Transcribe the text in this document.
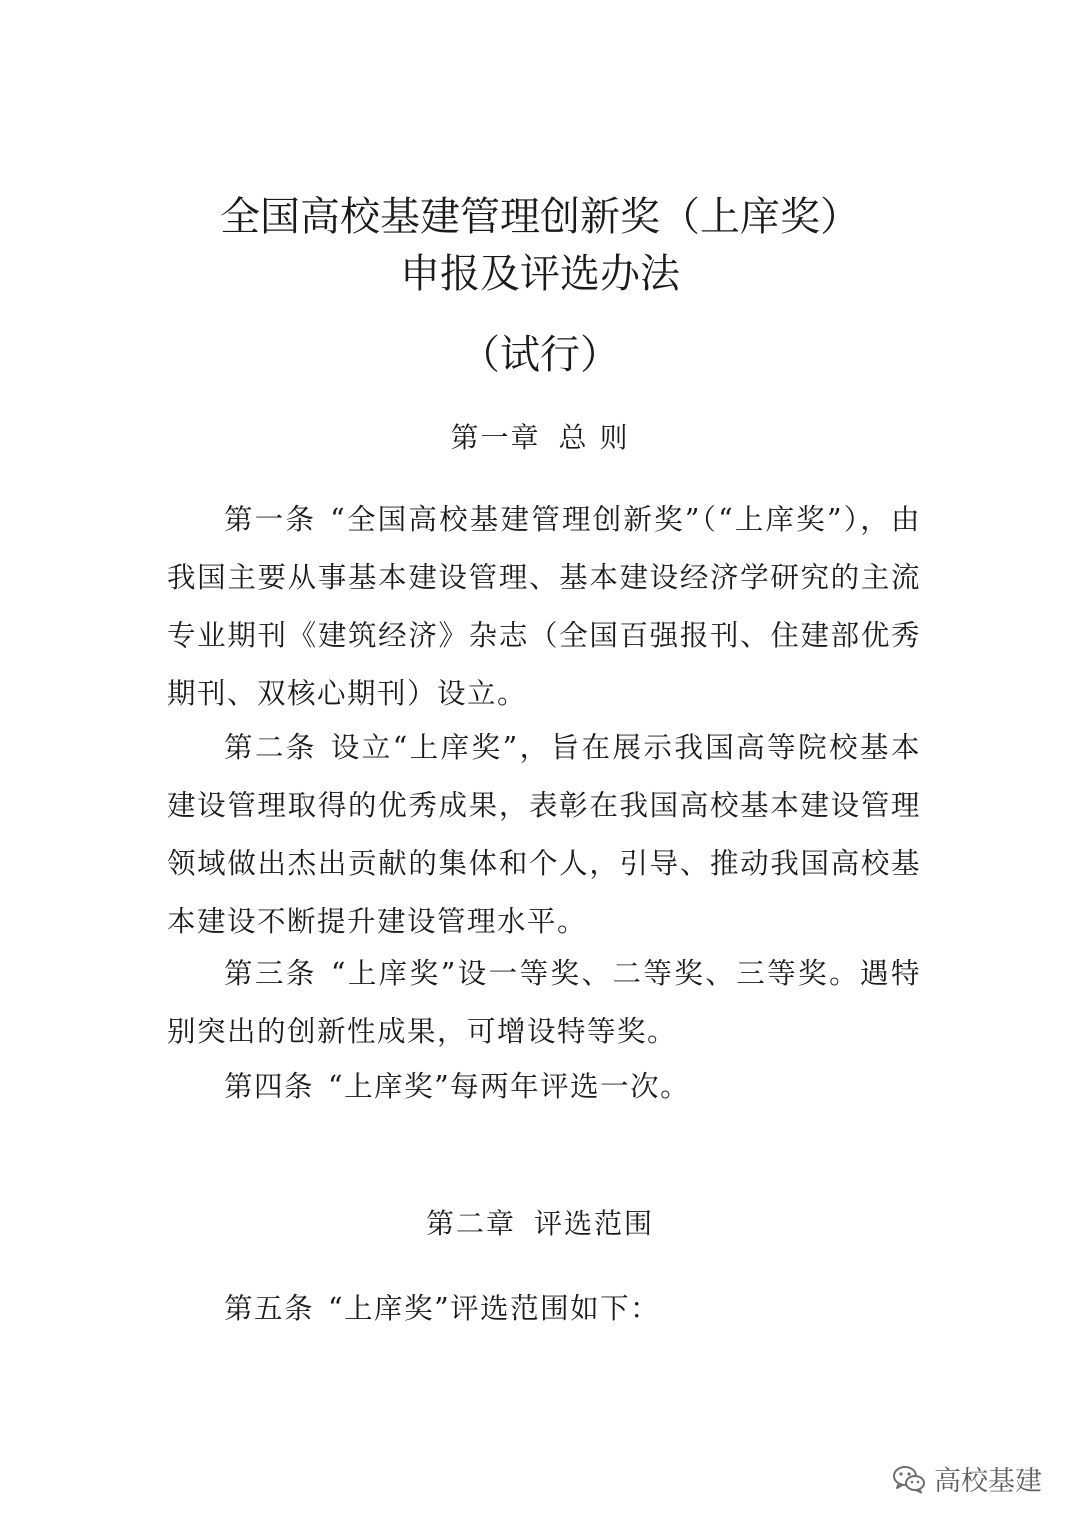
全国高校基建管理创新奖（上庠奖）
申报及评选办法
（试行）
第一章 总 则

第一条 “全国高校基建管理创新奖”（“上庠奖”），由我国主要从事基本建设管理、基本建设经济学研究的主流专业期刊《建筑经济》杂志（全国百强报刊、住建部优秀期刊、双核心期刊）设立。

第二条 设立“上庠奖”，旨在展示我国高等院校基本建设管理取得的优秀成果，表彰在我国高校基本建设管理领域做出杰出贡献的集体和个人，引导、推动我国高校基本建设不断提升建设管理水平。

第三条 “上庠奖”设一等奖、二等奖、三等奖。遇特别突出的创新性成果，可增设特等奖。

第四条 “上庠奖”每两年评选一次。

第二章 评选范围

第五条 “上庠奖”评选范围如下：

高校基建
